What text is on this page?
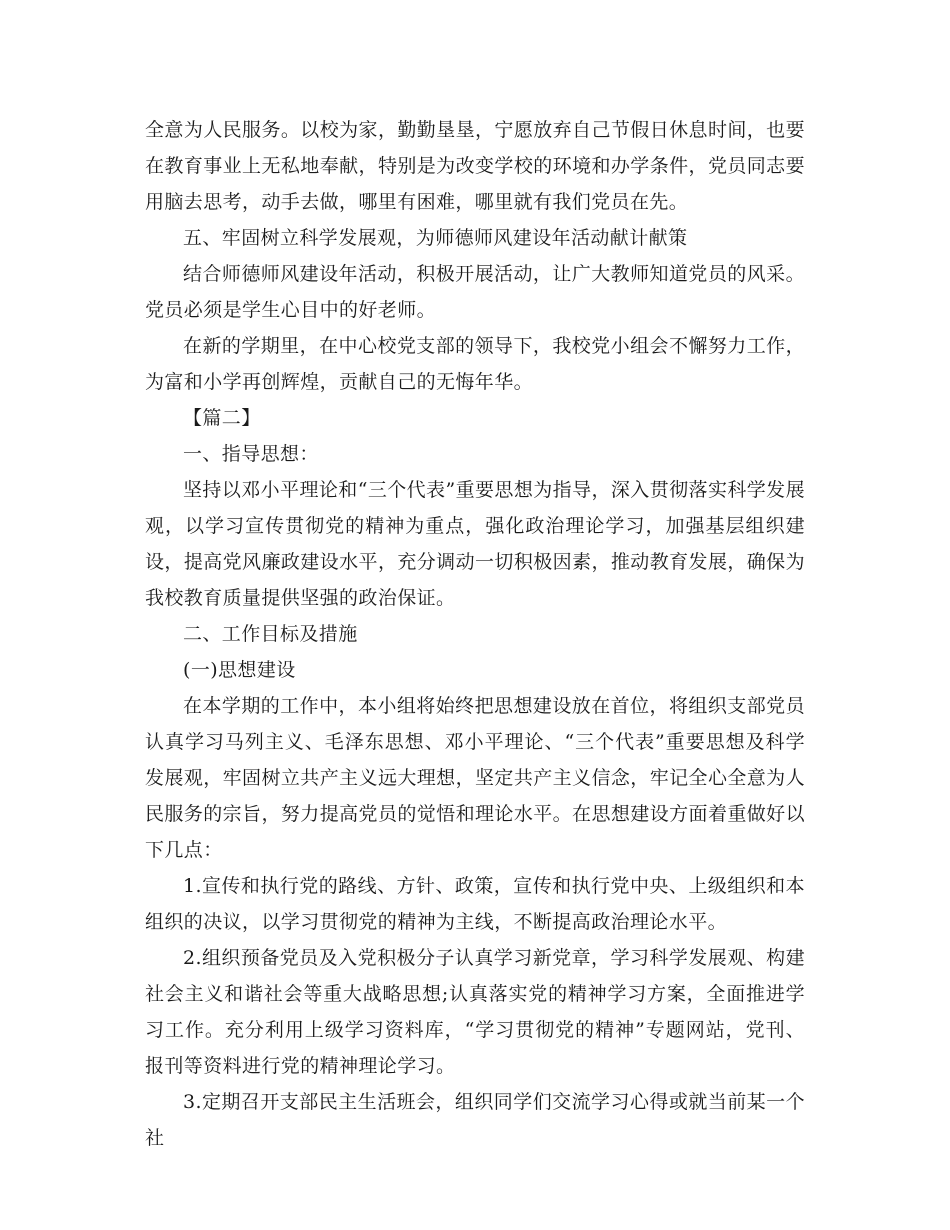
全意为人民服务。以校为家，勤勤垦垦，宁愿放弃自己节假日休息时间，也要在教育事业上无私地奉献，特别是为改变学校的环境和办学条件，党员同志要用脑去思考，动手去做，哪里有困难，哪里就有我们党员在先。

五、牢固树立科学发展观，为师德师风建设年活动献计献策

结合师德师风建设年活动，积极开展活动，让广大教师知道党员的风采。党员必须是学生心目中的好老师。

在新的学期里，在中心校党支部的领导下，我校党小组会不懈努力工作，为富和小学再创辉煌，贡献自己的无悔年华。

【篇二】

一、指导思想：

坚持以邓小平理论和“三个代表”重要思想为指导，深入贯彻落实科学发展观，以学习宣传贯彻党的精神为重点，强化政治理论学习，加强基层组织建设，提高党风廉政建设水平，充分调动一切积极因素，推动教育发展，确保为我校教育质量提供坚强的政治保证。

二、工作目标及措施

(一)思想建设

在本学期的工作中，本小组将始终把思想建设放在首位，将组织支部党员认真学习马列主义、毛泽东思想、邓小平理论、“三个代表”重要思想及科学发展观，牢固树立共产主义远大理想，坚定共产主义信念，牢记全心全意为人民服务的宗旨，努力提高党员的觉悟和理论水平。在思想建设方面着重做好以下几点：

1.宣传和执行党的路线、方针、政策，宣传和执行党中央、上级组织和本组织的决议，以学习贯彻党的精神为主线，不断提高政治理论水平。

2.组织预备党员及入党积极分子认真学习新党章，学习科学发展观、构建社会主义和谐社会等重大战略思想;认真落实党的精神学习方案，全面推进学习工作。充分利用上级学习资料库，“学习贯彻党的精神”专题网站，党刊、报刊等资料进行党的精神理论学习。

3.定期召开支部民主生活班会，组织同学们交流学习心得或就当前某一个社
